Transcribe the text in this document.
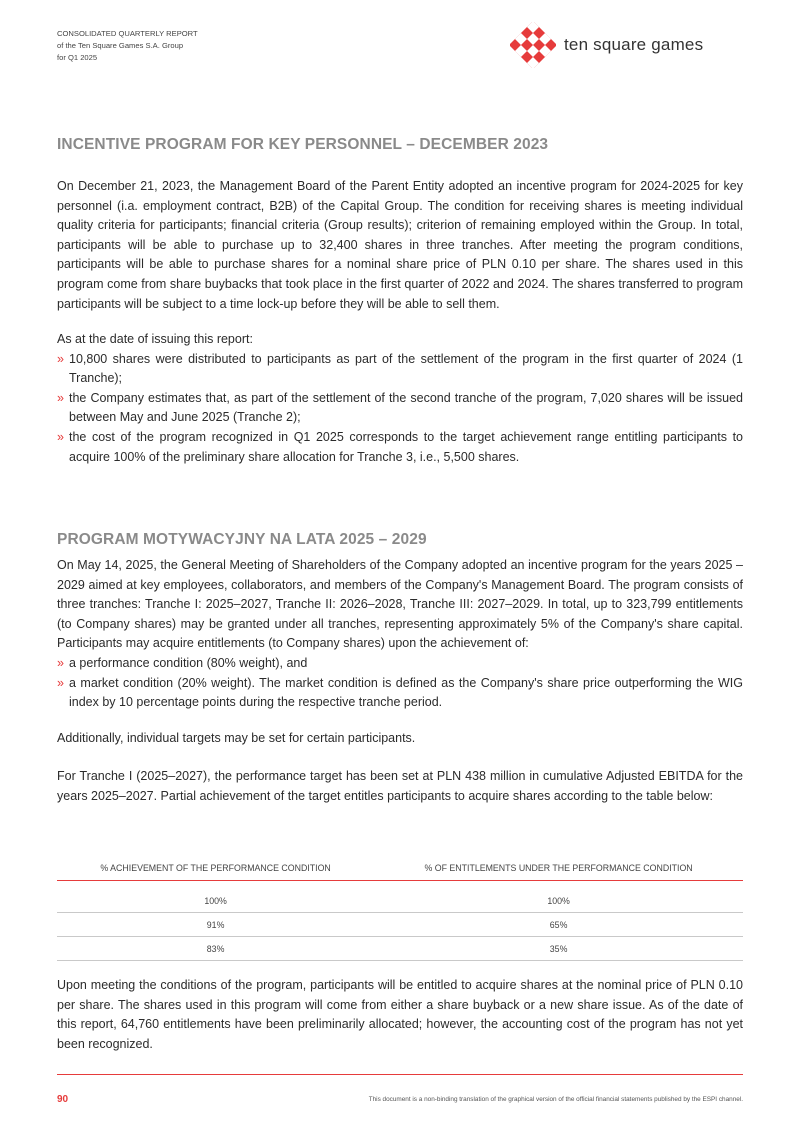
CONSOLIDATED QUARTERLY REPORT
of the Ten Square Games S.A. Group
for Q1 2025
ten square games
INCENTIVE PROGRAM FOR KEY PERSONNEL – DECEMBER 2023

On December 21, 2023, the Management Board of the Parent Entity adopted an incentive program for 2024-2025 for key personnel (i.a. employment contract, B2B) of the Capital Group. The condition for receiving shares is meeting individual quality criteria for participants; financial criteria (Group results); criterion of remaining employed within the Group. In total, participants will be able to purchase up to 32,400 shares in three tranches. After meeting the program conditions, participants will be able to purchase shares for a nominal share price of PLN 0.10 per share. The shares used in this program come from share buybacks that took place in the first quarter of 2022 and 2024. The shares transferred to program participants will be subject to a time lock-up before they will be able to sell them.

As at the date of issuing this report:
» 10,800 shares were distributed to participants as part of the settlement of the program in the first quarter of 2024 (1 Tranche);
» the Company estimates that, as part of the settlement of the second tranche of the program, 7,020 shares will be issued between May and June 2025 (Tranche 2);
» the cost of the program recognized in Q1 2025 corresponds to the target achievement range entitling participants to acquire 100% of the preliminary share allocation for Tranche 3, i.e., 5,500 shares.
PROGRAM MOTYWACYJNY NA LATA 2025 – 2029

On May 14, 2025, the General Meeting of Shareholders of the Company adopted an incentive program for the years 2025 – 2029 aimed at key employees, collaborators, and members of the Company's Management Board. The program consists of three tranches: Tranche I: 2025–2027, Tranche II: 2026–2028, Tranche III: 2027–2029. In total, up to 323,799 entitlements (to Company shares) may be granted under all tranches, representing approximately 5% of the Company's share capital. Participants may acquire entitlements (to Company shares) upon the achievement of:

» a performance condition (80% weight), and
» a market condition (20% weight). The market condition is defined as the Company's share price outperforming the WIG index by 10 percentage points during the respective tranche period.

Additionally, individual targets may be set for certain participants.

For Tranche I (2025–2027), the performance target has been set at PLN 438 million in cumulative Adjusted EBITDA for the years 2025–2027. Partial achievement of the target entitles participants to acquire shares according to the table below:

% ACHIEVEMENT OF THE PERFORMANCE CONDITION	% OF ENTITLEMENTS UNDER THE PERFORMANCE CONDITION

100%	100%
91%	65%
83%	35%

Upon meeting the conditions of the program, participants will be entitled to acquire shares at the nominal price of PLN 0.10 per share. The shares used in this program will come from either a share buyback or a new share issue. As of the date of this report, 64,760 entitlements have been preliminarily allocated; however, the accounting cost of the program has not yet been recognized.

90	This document is a non-binding translation of the graphical version of the official financial statements published by the ESPI channel.
